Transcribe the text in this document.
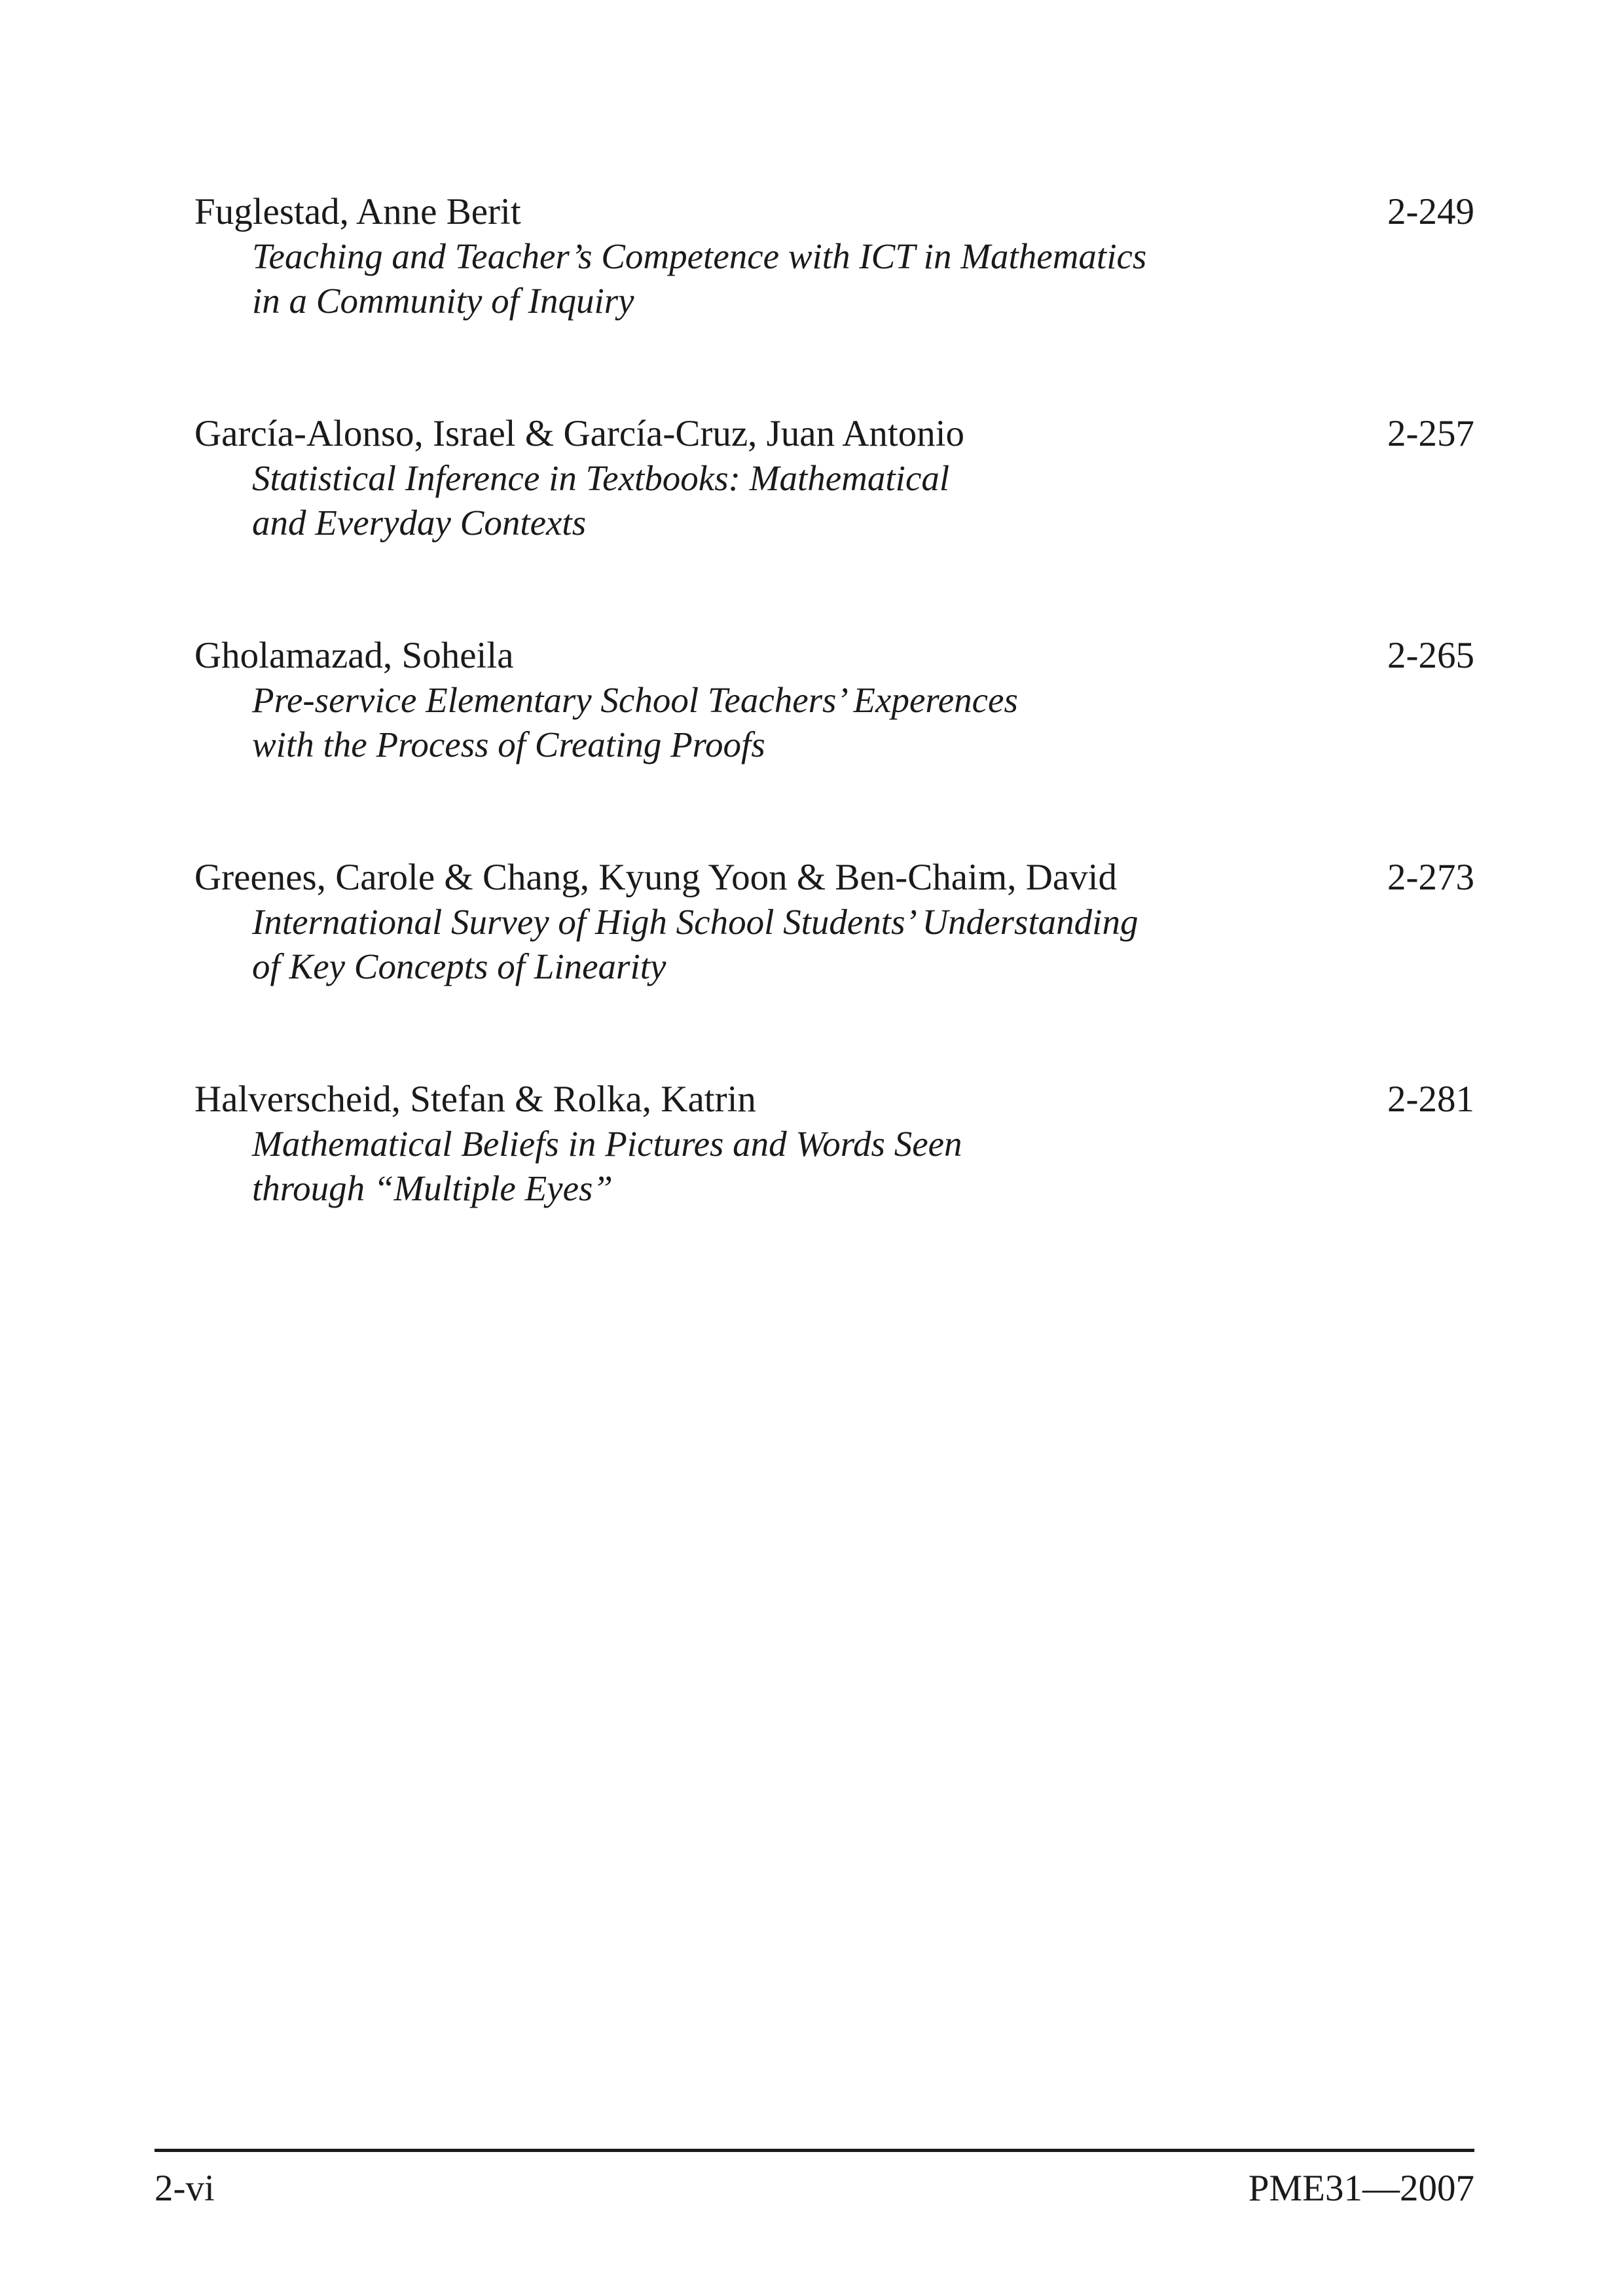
Fuglestad, Anne Berit	2-249
Teaching and Teacher’s Competence with ICT in Mathematics
in a Community of Inquiry
García-Alonso, Israel & García-Cruz, Juan Antonio	2-257
Statistical Inference in Textbooks: Mathematical
and Everyday Contexts
Gholamazad, Soheila	2-265
Pre-service Elementary School Teachers’ Experences
with the Process of Creating Proofs
Greenes, Carole & Chang, Kyung Yoon & Ben-Chaim, David	2-273
International Survey of High School Students’ Understanding
of Key Concepts of Linearity
Halverscheid, Stefan & Rolka, Katrin	2-281
Mathematical Beliefs in Pictures and Words Seen
through “Multiple Eyes”
2-vi	PME31—2007
